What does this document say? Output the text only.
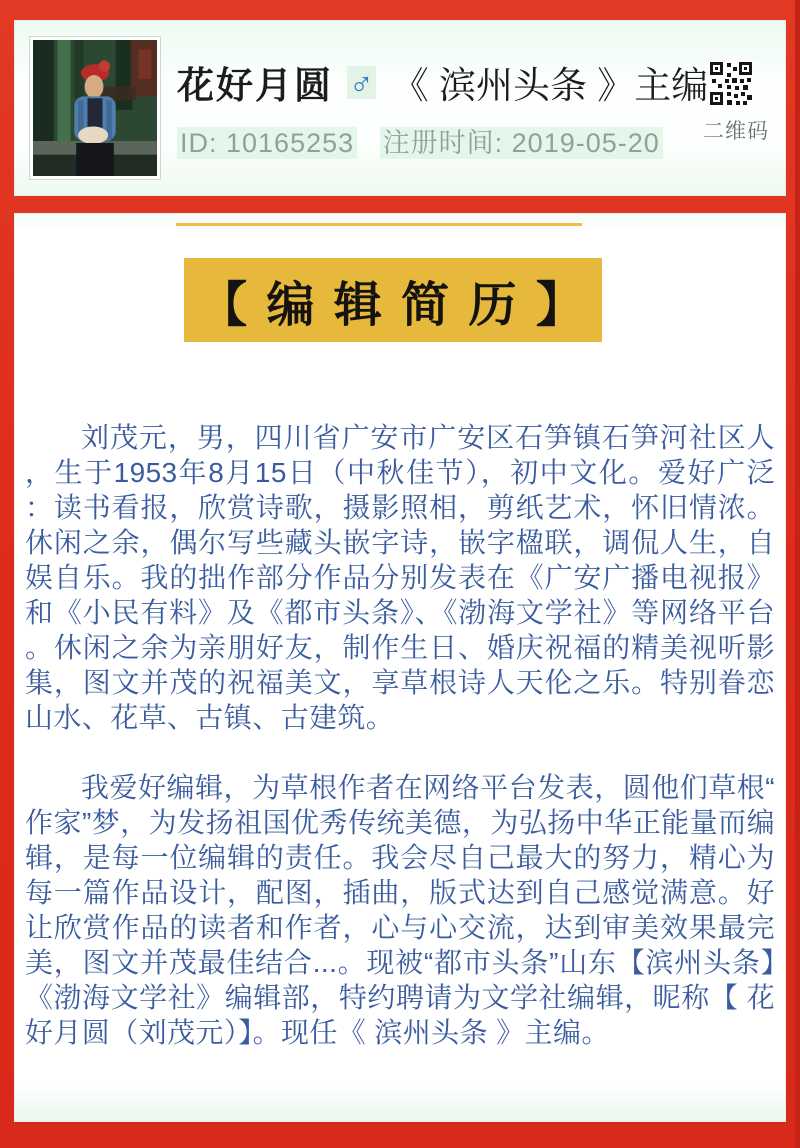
花好月圆 ♂ 《 滨州头条 》主编
ID: 10165253 注册时间: 2019-05-20 二维码
【 编 辑 简 历 】

刘茂元，男，四川省广安市广安区石笋镇石笋河社区人，生于1953年8月15日（中秋佳节），初中文化。爱好广泛：读书看报，欣赏诗歌，摄影照相，剪纸艺术，怀旧情浓。休闲之余，偶尔写些藏头嵌字诗，嵌字楹联，调侃人生，自娱自乐。我的拙作部分作品分别发表在《广安广播电视报》和《小民有料》及《都市头条》、《渤海文学社》等网络平台。休闲之余为亲朋好友，制作生日、婚庆祝福的精美视听影集，图文并茂的祝福美文，享草根诗人天伦之乐。特别眷恋山水、花草、古镇、古建筑。

我爱好编辑，为草根作者在网络平台发表，圆他们草根“作家”梦，为发扬祖国优秀传统美德，为弘扬中华正能量而编辑，是每一位编辑的责任。我会尽自己最大的努力，精心为每一篇作品设计，配图，插曲，版式达到自己感觉满意。好让欣赏作品的读者和作者，心与心交流，达到审美效果最完美，图文并茂最佳结合...。现被“都市头条”山东【滨州头条】《渤海文学社》编辑部，特约聘请为文学社编辑，昵称【 花好月圆（刘茂元）】。现任《 滨州头条 》主编。
